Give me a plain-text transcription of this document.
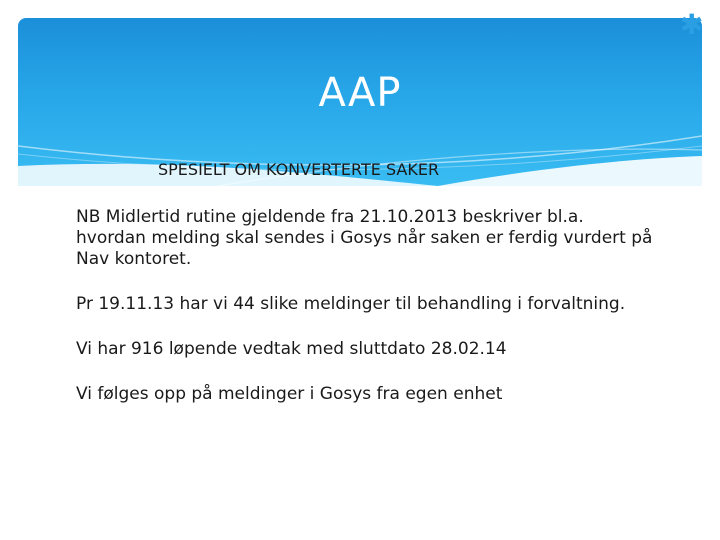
AAP
✱
SPESIELT OM KONVERTERTE SAKER
NB Midlertid rutine gjeldende fra 21.10.2013 beskriver bl.a. hvordan melding skal sendes i Gosys når saken er ferdig vurdert på Nav kontoret.
Pr 19.11.13 har vi 44 slike meldinger til behandling i forvaltning.
Vi har 916 løpende vedtak med sluttdato 28.02.14
Vi følges opp på meldinger i Gosys fra egen enhet
